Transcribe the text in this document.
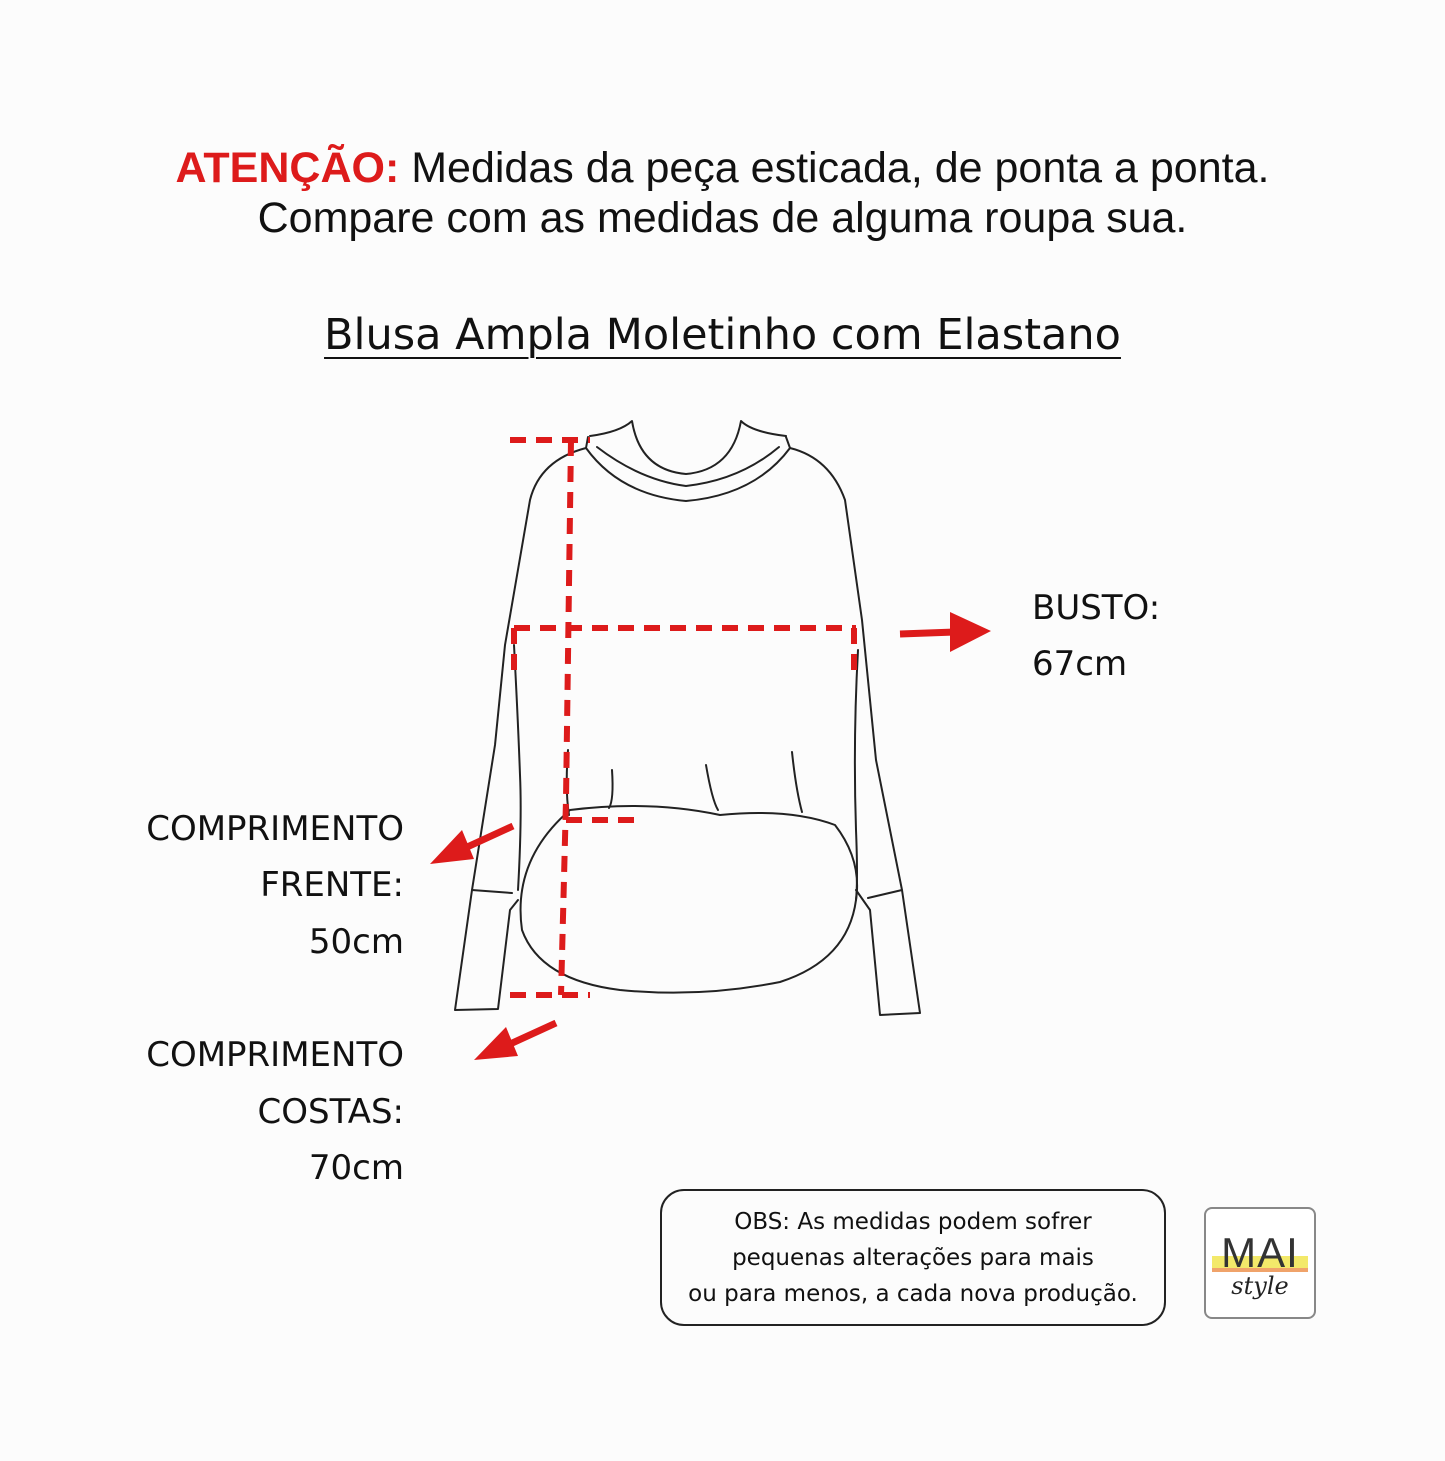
ATENÇÃO: Medidas da peça esticada, de ponta a ponta.
Compare com as medidas de alguma roupa sua.
Blusa Ampla Moletinho com Elastano
BUSTO:
67cm
COMPRIMENTO
FRENTE:
50cm
COMPRIMENTO
COSTAS:
70cm
OBS: As medidas podem sofrer
pequenas alterações para mais
ou para menos, a cada nova produção.
MAI
style
